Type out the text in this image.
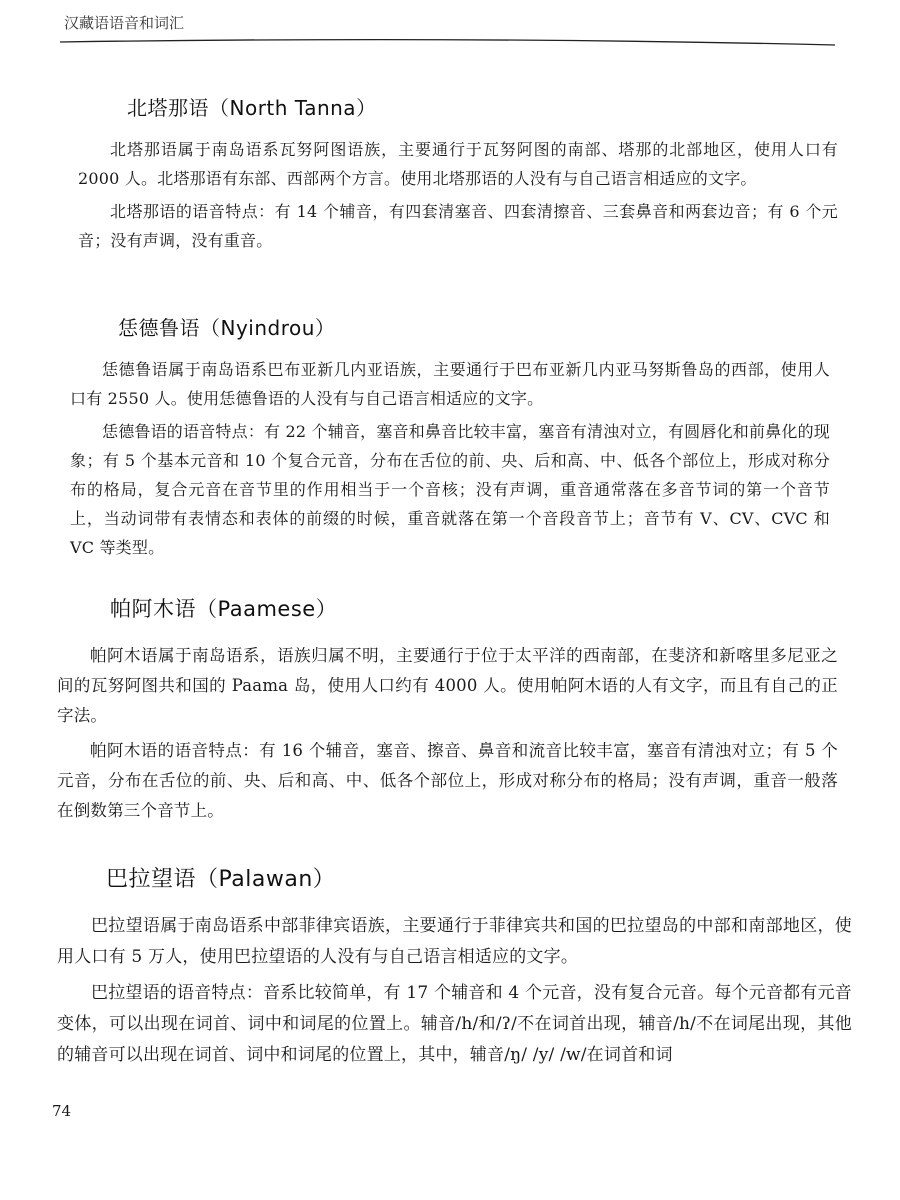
汉藏语语音和词汇
北塔那语（North Tanna）

北塔那语属于南岛语系瓦努阿图语族，主要通行于瓦努阿图的南部、塔那的北部地区，使用人口有 2000 人。北塔那语有东部、西部两个方言。使用北塔那语的人没有与自己语言相适应的文字。

北塔那语的语音特点：有 14 个辅音，有四套清塞音、四套清擦音、三套鼻音和两套边音；有 6 个元音；没有声调，没有重音。

恁德鲁语（Nyindrou）

恁德鲁语属于南岛语系巴布亚新几内亚语族，主要通行于巴布亚新几内亚马努斯鲁岛的西部，使用人口有 2550 人。使用恁德鲁语的人没有与自己语言相适应的文字。

恁德鲁语的语音特点：有 22 个辅音，塞音和鼻音比较丰富，塞音有清浊对立，有圆唇化和前鼻化的现象；有 5 个基本元音和 10 个复合元音，分布在舌位的前、央、后和高、中、低各个部位上，形成对称分布的格局，复合元音在音节里的作用相当于一个音核；没有声调，重音通常落在多音节词的第一个音节上，当动词带有表情态和表体的前缀的时候，重音就落在第一个音段音节上；音节有 V、CV、CVC 和 VC 等类型。

帕阿木语（Paamese）

帕阿木语属于南岛语系，语族归属不明，主要通行于位于太平洋的西南部，在斐济和新喀里多尼亚之间的瓦努阿图共和国的 Paama 岛，使用人口约有 4000 人。使用帕阿木语的人有文字，而且有自己的正字法。

帕阿木语的语音特点：有 16 个辅音，塞音、擦音、鼻音和流音比较丰富，塞音有清浊对立；有 5 个元音，分布在舌位的前、央、后和高、中、低各个部位上，形成对称分布的格局；没有声调，重音一般落在倒数第三个音节上。

巴拉望语（Palawan）

巴拉望语属于南岛语系中部菲律宾语族，主要通行于菲律宾共和国的巴拉望岛的中部和南部地区，使用人口有 5 万人，使用巴拉望语的人没有与自己语言相适应的文字。

巴拉望语的语音特点：音系比较简单，有 17 个辅音和 4 个元音，没有复合元音。每个元音都有元音变体，可以出现在词首、词中和词尾的位置上。辅音/h/和/ʔ/不在词首出现，辅音/h/不在词尾出现，其他的辅音可以出现在词首、词中和词尾的位置上，其中，辅音/ŋ/ /y/ /w/在词首和词

74
